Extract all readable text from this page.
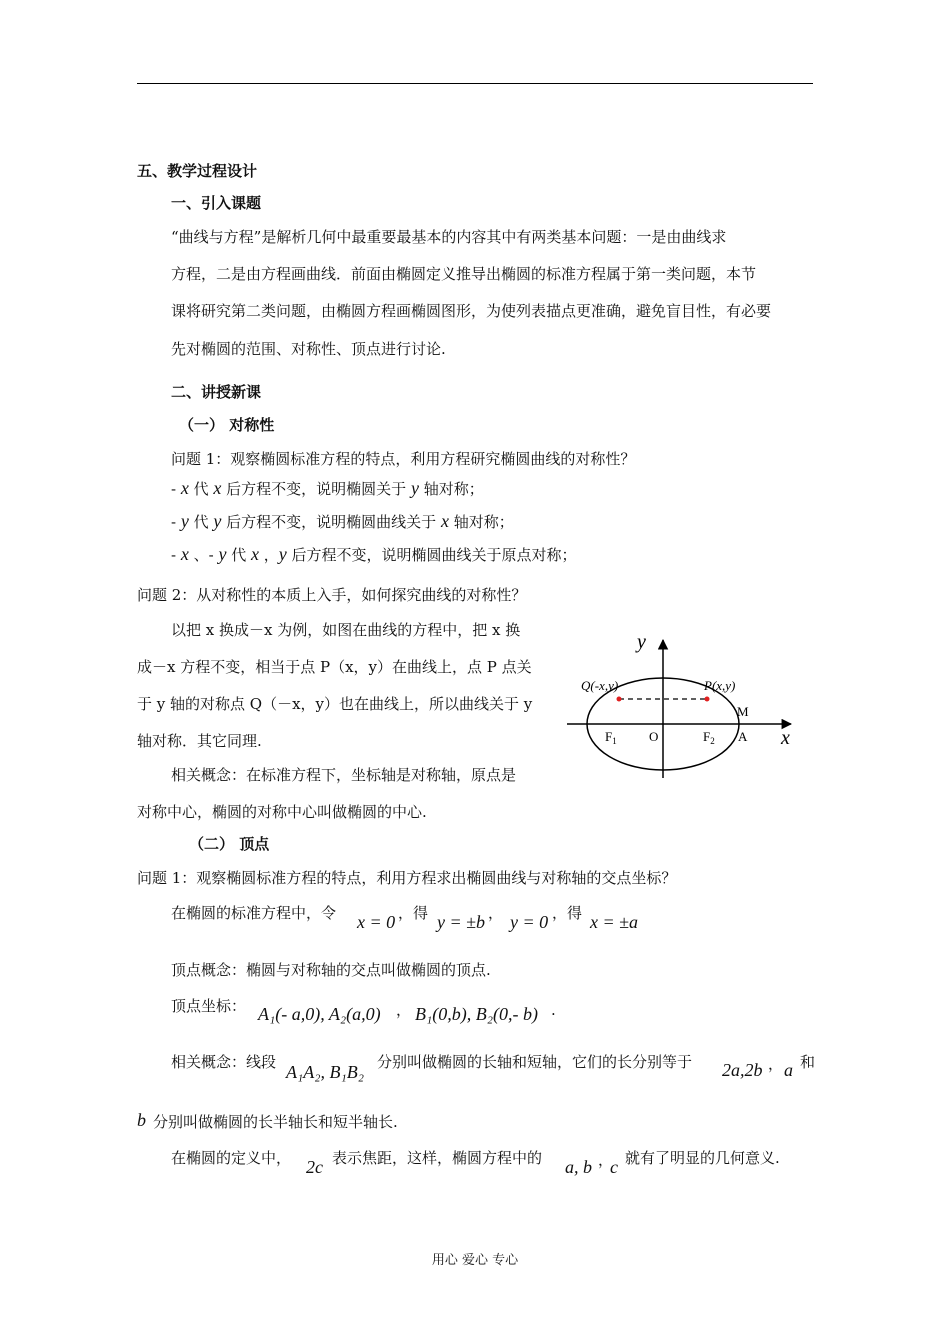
五、教学过程设计
一、引入课题
“曲线与方程”是解析几何中最重要最基本的内容其中有两类基本问题：一是由曲线求
方程，二是由方程画曲线．前面由椭圆定义推导出椭圆的标准方程属于第一类问题，本节
课将研究第二类问题，由椭圆方程画椭圆图形，为使列表描点更准确，避免盲目性，有必要
先对椭圆的范围、对称性、顶点进行讨论.
二、讲授新课
（一） 对称性
问题 1：观察椭圆标准方程的特点，利用方程研究椭圆曲线的对称性？
- x 代 x 后方程不变，说明椭圆关于 y 轴对称；
- y 代 y 后方程不变，说明椭圆曲线关于 x 轴对称；
- x 、- y 代 x ，y 后方程不变，说明椭圆曲线关于原点对称；
问题 2：从对称性的本质上入手，如何探究曲线的对称性？
以把 x 换成－x 为例，如图在曲线的方程中，把 x 换
成－x 方程不变，相当于点 P（x，y）在曲线上，点 P 点关
于 y 轴的对称点 Q（－x，y）也在曲线上，所以曲线关于 y
轴对称．其它同理.
相关概念：在标准方程下，坐标轴是对称轴，原点是
对称中心，椭圆的对称中心叫做椭圆的中心.
y
x
Q(-x,y)	P(x,y)
M
$F_1$ O	$F_2$ A
（二） 顶点
问题 1：观察椭圆标准方程的特点，利用方程求出椭圆曲线与对称轴的交点坐标？
在椭圆的标准方程中，令 x = 0 ，得 y = ±b ， y = 0 ，得 x = ±a
顶点概念：椭圆与对称轴的交点叫做椭圆的顶点.
顶点坐标： A₁(- a,0), A₂(a,0) ， B₁(0,b), B₂(0,- b) .
相关概念：线段 A₁A₂, B₁B₂ 分别叫做椭圆的长轴和短轴，它们的长分别等于 2a,2b ， a 和
b 分别叫做椭圆的长半轴长和短半轴长.
在椭圆的定义中， 2c 表示焦距，这样，椭圆方程中的 a, b ，
c 就有了明显的几何意义.
用心 爱心 专心
